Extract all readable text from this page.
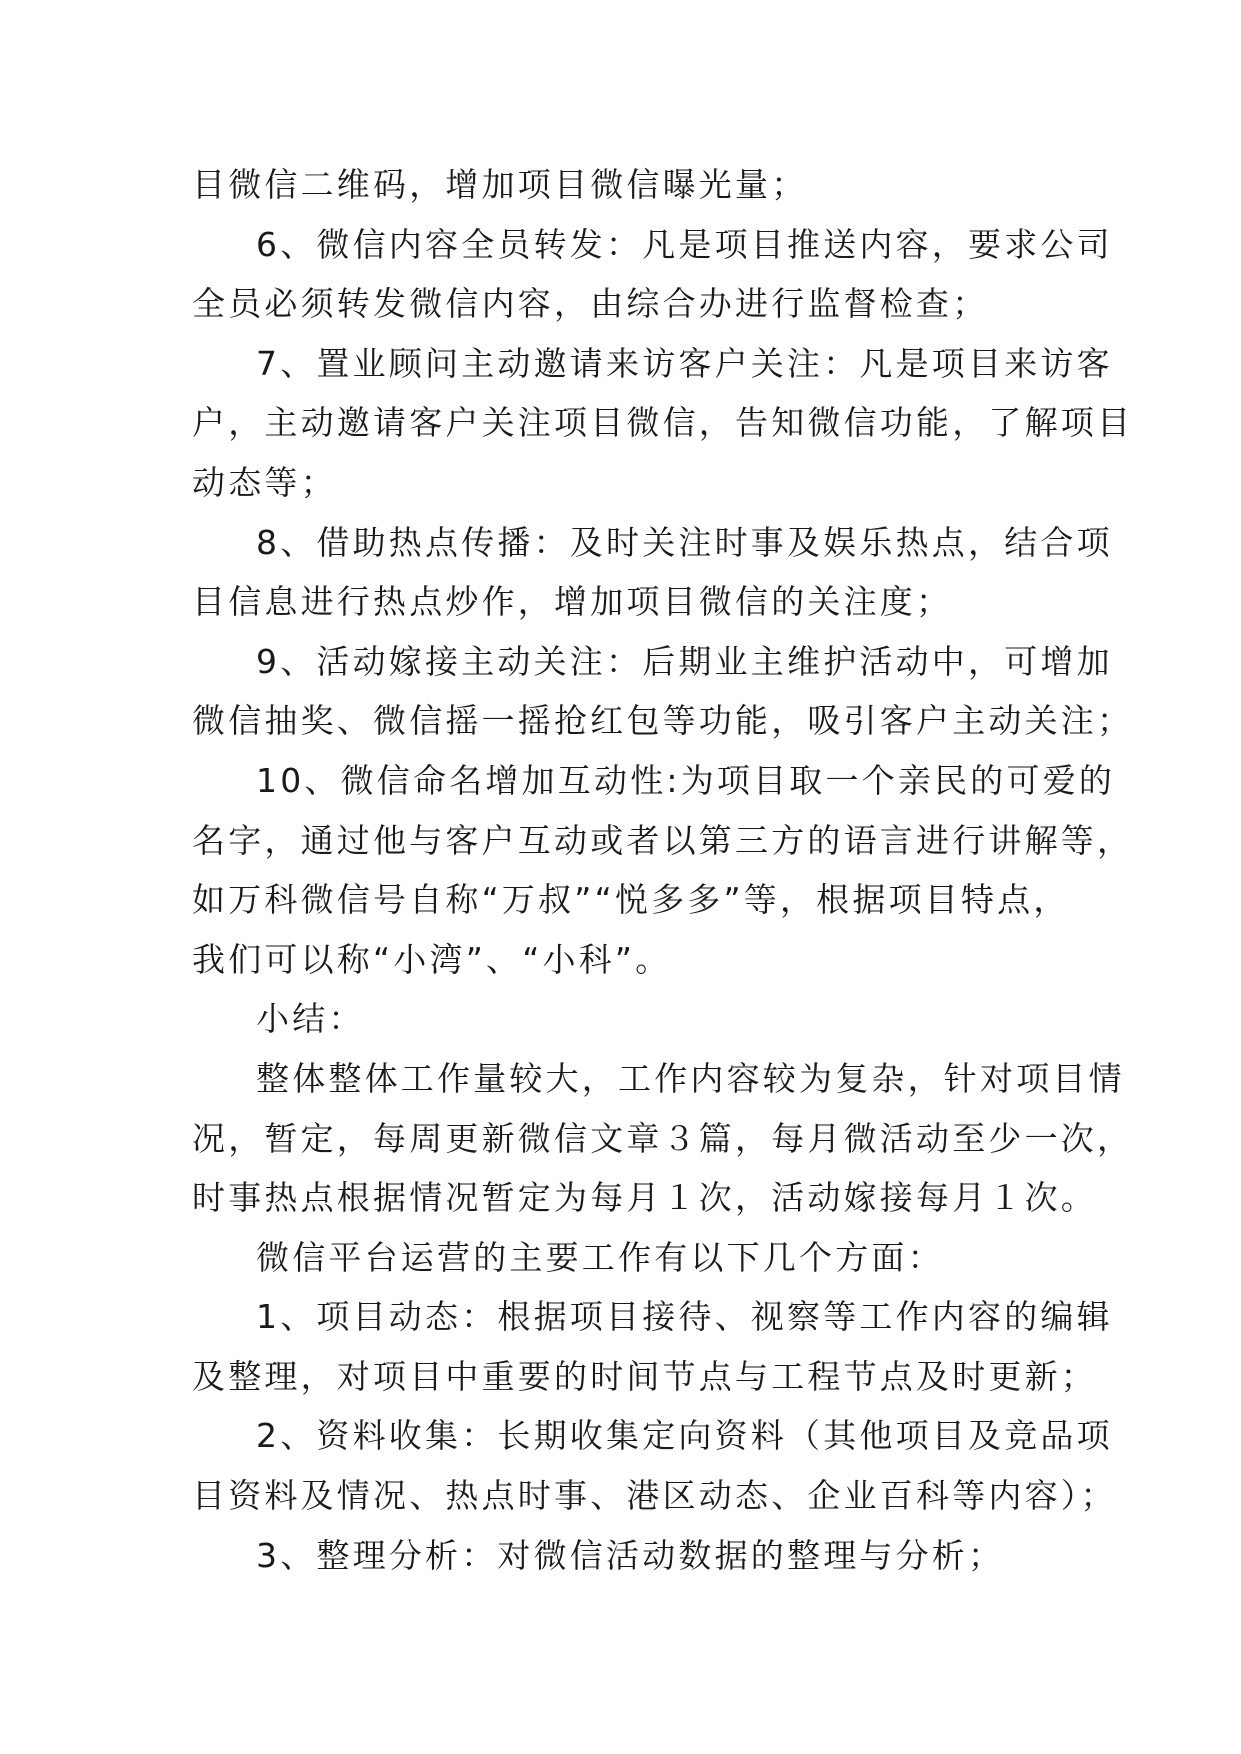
目微信二维码，增加项目微信曝光量；
6、微信内容全员转发：凡是项目推送内容，要求公司
全员必须转发微信内容，由综合办进行监督检查；
7、置业顾问主动邀请来访客户关注：凡是项目来访客
户，主动邀请客户关注项目微信，告知微信功能，了解项目
动态等；
8、借助热点传播：及时关注时事及娱乐热点，结合项
目信息进行热点炒作，增加项目微信的关注度；
9、活动嫁接主动关注：后期业主维护活动中，可增加
微信抽奖、微信摇一摇抢红包等功能，吸引客户主动关注；
10、微信命名增加互动性:为项目取一个亲民的可爱的
名字，通过他与客户互动或者以第三方的语言进行讲解等，
如万科微信号自称“万叔”“悦多多”等，根据项目特点，
我们可以称“小湾”、“小科”。
小结：
整体整体工作量较大，工作内容较为复杂，针对项目情
况，暂定，每周更新微信文章３篇，每月微活动至少一次，
时事热点根据情况暂定为每月１次，活动嫁接每月１次。
微信平台运营的主要工作有以下几个方面：
1、项目动态：根据项目接待、视察等工作内容的编辑
及整理，对项目中重要的时间节点与工程节点及时更新；
2、资料收集：长期收集定向资料（其他项目及竞品项
目资料及情况、热点时事、港区动态、企业百科等内容）；
3、整理分析：对微信活动数据的整理与分析；
